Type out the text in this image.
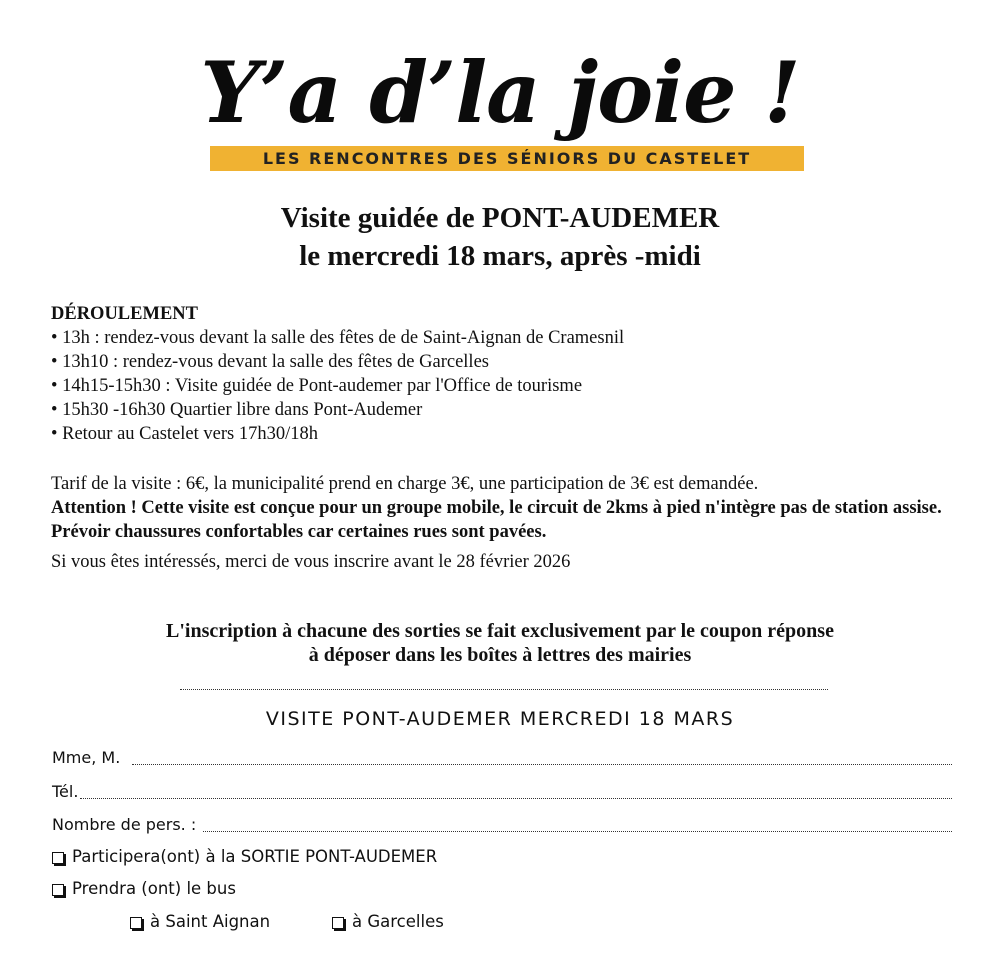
Y’a d’la joie !
LES RENCONTRES DES SÉNIORS DU CASTELET
Visite guidée de PONT-AUDEMER
le mercredi 18 mars, après -midi
DÉROULEMENT
• 13h : rendez-vous devant la salle des fêtes de de Saint-Aignan de Cramesnil
• 13h10 : rendez-vous devant la salle des fêtes de Garcelles
• 14h15-15h30 : Visite guidée de Pont-audemer par l'Office de tourisme
• 15h30 -16h30 Quartier libre dans Pont-Audemer
• Retour au Castelet vers 17h30/18h

Tarif de la visite : 6€, la municipalité prend en charge 3€, une participation de 3€ est demandée.

Attention ! Cette visite est conçue pour un groupe mobile, le circuit de 2kms à pied n'intègre pas de station assise. Prévoir chaussures confortables car certaines rues sont pavées.

Si vous êtes intéressés, merci de vous inscrire avant le 28 février 2026

L'inscription à chacune des sorties se fait exclusivement par le coupon réponse
à déposer dans les boîtes à lettres des mairies
VISITE PONT-AUDEMER MERCREDI 18 MARS
Mme, M.
Tél.
Nombre de pers. :
Participera(ont) à la SORTIE PONT-AUDEMER
Prendra (ont) le bus
à Saint Aignan	à Garcelles
